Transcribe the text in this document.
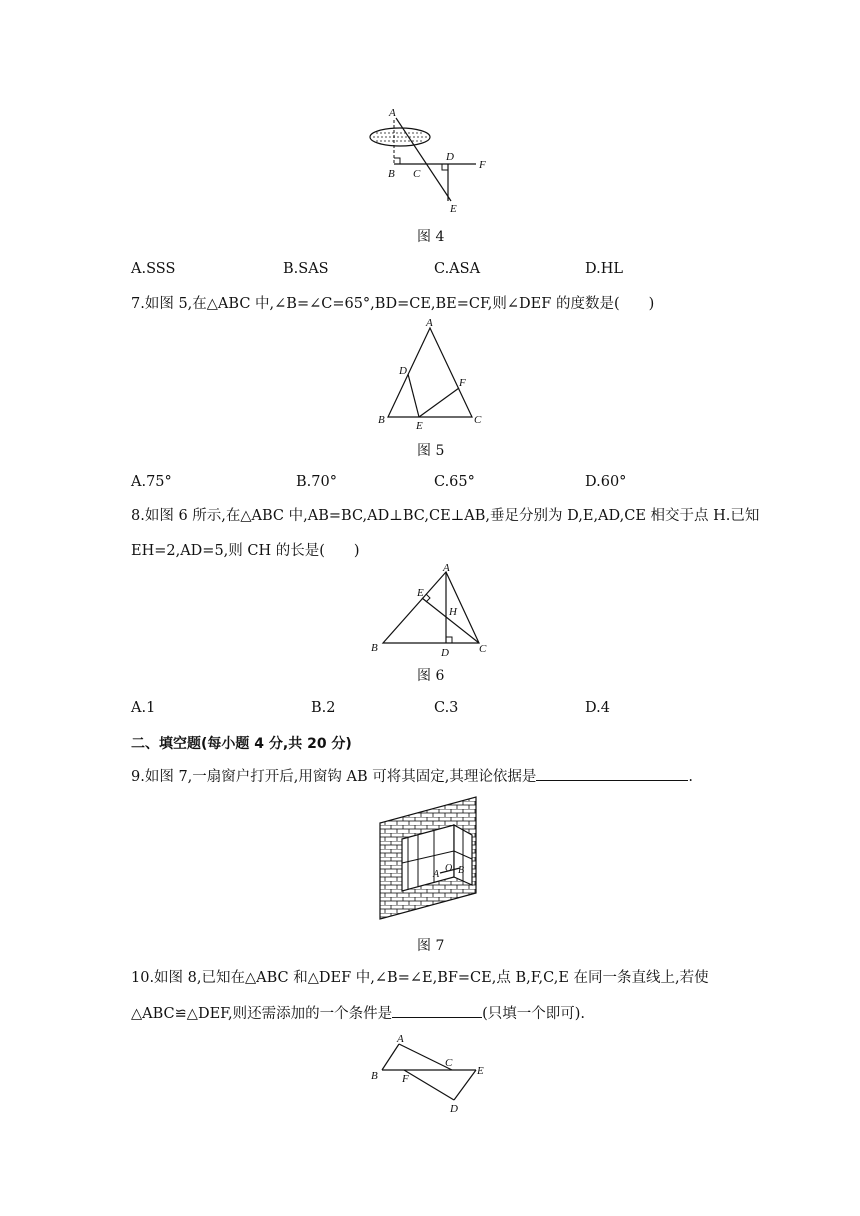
A
B C
D
F
E
图 4
A.SSS	B.SAS	C.ASA	D.HL
7.如图 5,在△ABC 中,∠B=∠C=65°,BD=CE,BE=CF,则∠DEF 的度数是(　　)
A
D
F
B	E	C
图 5
A.75°	B.70°	C.65°	D.60°
8.如图 6 所示,在△ABC 中,AB=BC,AD⊥BC,CE⊥AB,垂足分别为 D,E,AD,CE 相交于点 H.已知
EH=2,AD=5,则 CH 的长是(　　)
A
E
H
B	D	C
图 6
A.1	B.2	C.3	D.4
二、填空题(每小题 4 分,共 20 分)
9.如图 7,一扇窗户打开后,用窗钩 AB 可将其固定,其理论依据是	.
A
O B
图 7
10.如图 8,已知在△ABC 和△DEF 中,∠B=∠E,BF=CE,点 B,F,C,E 在同一条直线上,若使
△ABC≌△DEF,则还需添加的一个条件是	(只填一个即可).
A
C
B F
E
D
